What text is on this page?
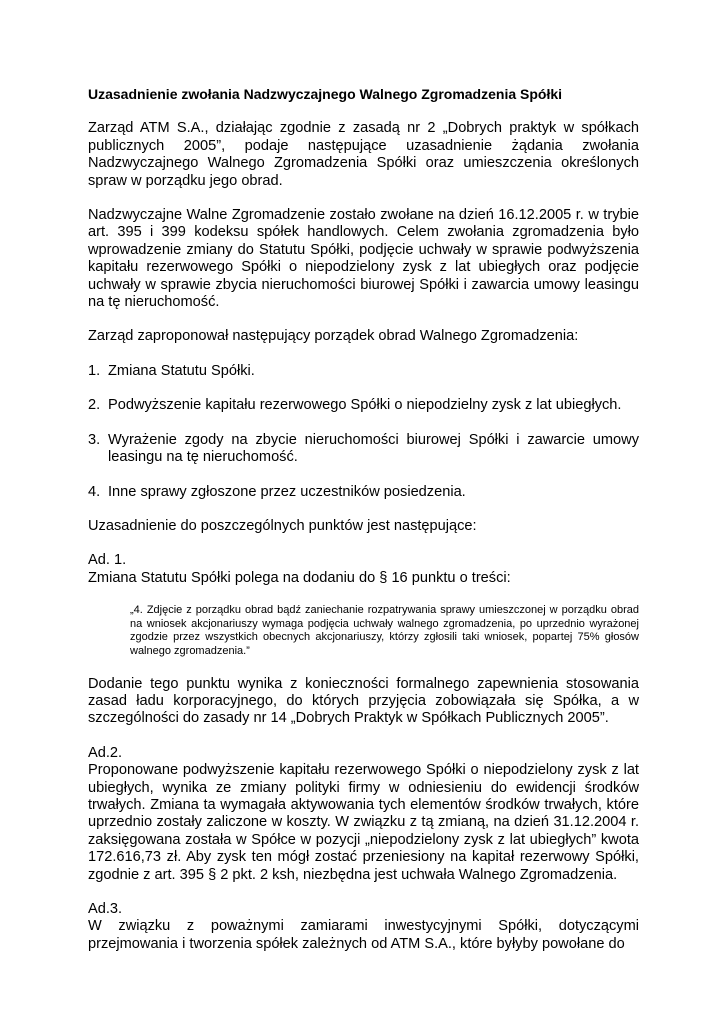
Uzasadnienie zwołania Nadzwyczajnego Walnego Zgromadzenia Spółki

Zarząd ATM S.A., działając zgodnie z zasadą nr 2 „Dobrych praktyk w spółkach publicznych 2005”, podaje następujące uzasadnienie żądania zwołania Nadzwyczajnego Walnego Zgromadzenia Spółki oraz umieszczenia określonych spraw w porządku jego obrad.

Nadzwyczajne Walne Zgromadzenie zostało zwołane na dzień 16.12.2005 r. w trybie art. 395 i 399 kodeksu spółek handlowych. Celem zwołania zgromadzenia było wprowadzenie zmiany do Statutu Spółki, podjęcie uchwały w sprawie podwyższenia kapitału rezerwowego Spółki o niepodzielony zysk z lat ubiegłych oraz podjęcie uchwały w sprawie zbycia nieruchomości biurowej Spółki i zawarcia umowy leasingu na tę nieruchomość.

Zarząd zaproponował następujący porządek obrad Walnego Zgromadzenia:

1. Zmiana Statutu Spółki.
2. Podwyższenie kapitału rezerwowego Spółki o niepodzielny zysk z lat ubiegłych.
3. Wyrażenie zgody na zbycie nieruchomości biurowej Spółki i zawarcie umowy leasingu na tę nieruchomość.
4. Inne sprawy zgłoszone przez uczestników posiedzenia.

Uzasadnienie do poszczególnych punktów jest następujące:

Ad. 1.
Zmiana Statutu Spółki polega na dodaniu do § 16 punktu o treści:

„4. Zdjęcie z porządku obrad bądź zaniechanie rozpatrywania sprawy umieszczonej w porządku obrad na wniosek akcjonariuszy wymaga podjęcia uchwały walnego zgromadzenia, po uprzednio wyrażonej zgodzie przez wszystkich obecnych akcjonariuszy, którzy zgłosili taki wniosek, popartej 75% głosów walnego zgromadzenia.”

Dodanie tego punktu wynika z konieczności formalnego zapewnienia stosowania zasad ładu korporacyjnego, do których przyjęcia zobowiązała się Spółka, a w szczególności do zasady nr 14 „Dobrych Praktyk w Spółkach Publicznych 2005”.

Ad.2.
Proponowane podwyższenie kapitału rezerwowego Spółki o niepodzielony zysk z lat ubiegłych, wynika ze zmiany polityki firmy w odniesieniu do ewidencji środków trwałych. Zmiana ta wymagała aktywowania tych elementów środków trwałych, które uprzednio zostały zaliczone w koszty. W związku z tą zmianą, na dzień 31.12.2004 r. zaksięgowana została w Spółce w pozycji „niepodzielony zysk z lat ubiegłych” kwota 172.616,73 zł. Aby zysk ten mógł zostać przeniesiony na kapitał rezerwowy Spółki, zgodnie z art. 395 § 2 pkt. 2 ksh, niezbędna jest uchwała Walnego Zgromadzenia.
Ad.3.
W związku z poważnymi zamiarami inwestycyjnymi Spółki, dotyczącymi przejmowania i tworzenia spółek zależnych od ATM S.A., które byłyby powołane do
